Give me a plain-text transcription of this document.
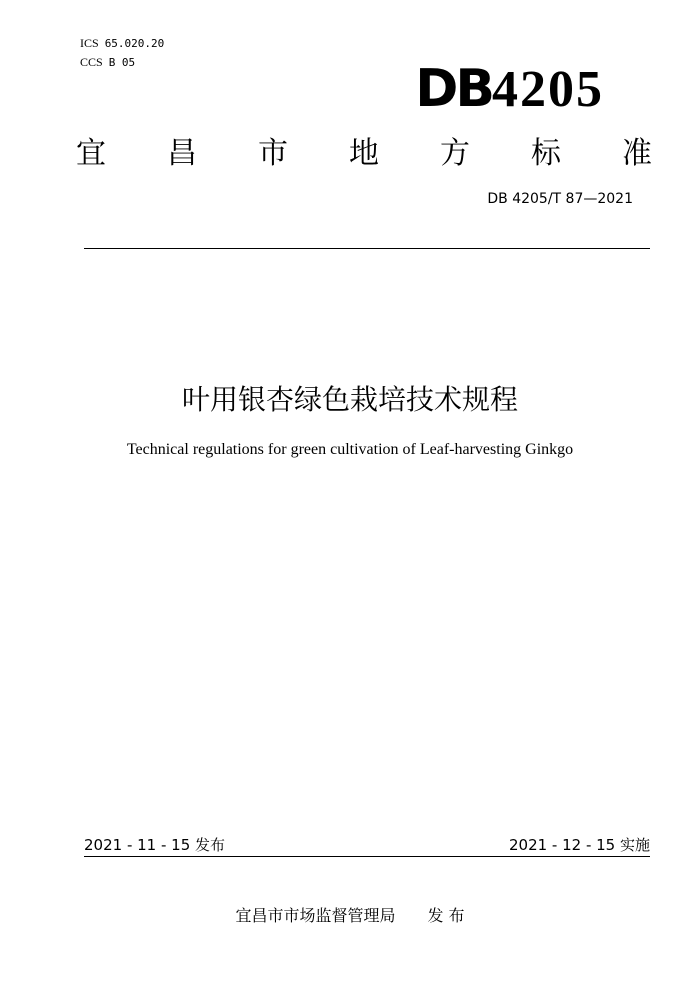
ICS 65.020.20
CCS B 05	DB4205
宜 昌 市 地 方 标 准
DB 4205/T 87—2021
叶用银杏绿色栽培技术规程
Technical regulations for green cultivation of Leaf-harvesting Ginkgo
2021 - 11 - 15 发布	2021 - 12 - 15 实施
宜昌市市场监督管理局 发 布
